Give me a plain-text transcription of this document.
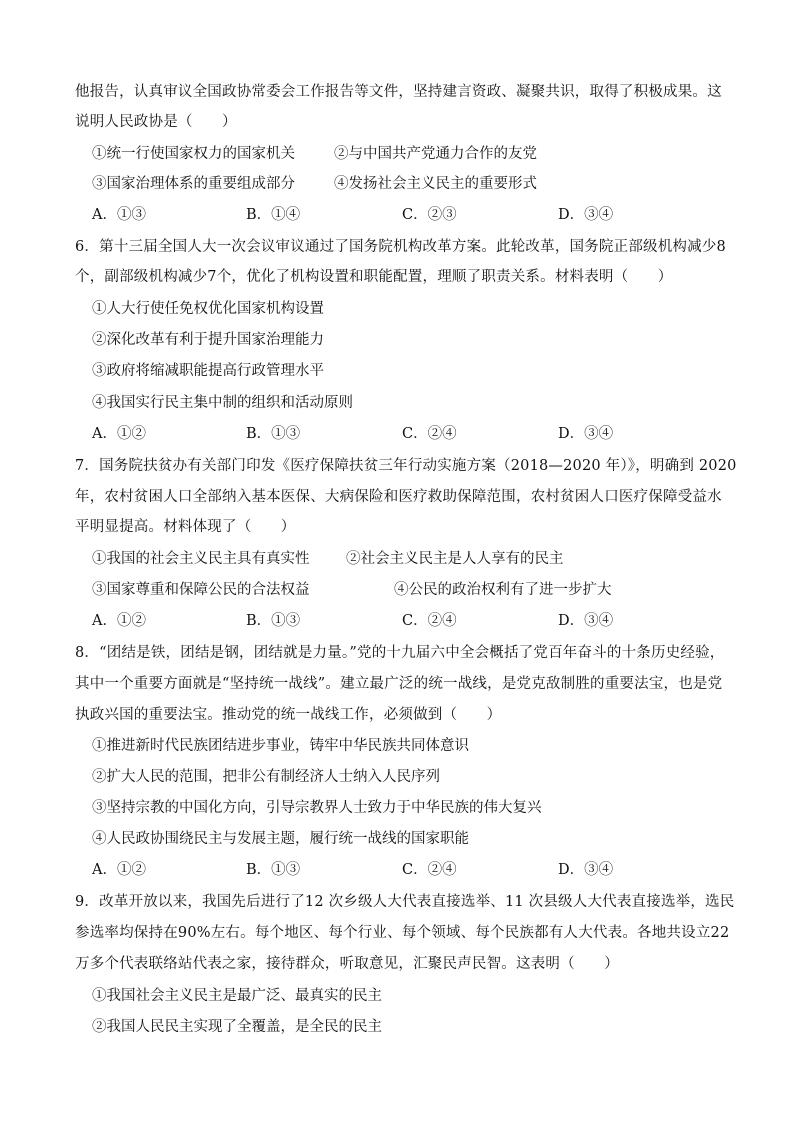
他报告，认真审议全国政协常委会工作报告等文件，坚持建言资政、凝聚共识，取得了积极成果。这
说明人民政协是（　　）
①统一行使国家权力的国家机关	②与中国共产党通力合作的友党
③国家治理体系的重要组成部分	④发扬社会主义民主的重要形式
A．①③	B．①④	C．②③	D．③④
6．第十三届全国人大一次会议审议通过了国务院机构改革方案。此轮改革，国务院正部级机构减少8
个，副部级机构减少7个，优化了机构设置和职能配置，理顺了职责关系。材料表明（　　）
①人大行使任免权优化国家机构设置
②深化改革有利于提升国家治理能力
③政府将缩减职能提高行政管理水平
④我国实行民主集中制的组织和活动原则
A．①②	B．①③	C．②④	D．③④
7．国务院扶贫办有关部门印发《医疗保障扶贫三年行动实施方案（2018—2020 年）》，明确到 2020
年，农村贫困人口全部纳入基本医保、大病保险和医疗救助保障范围，农村贫困人口医疗保障受益水
平明显提高。材料体现了（　　）
①我国的社会主义民主具有真实性	②社会主义民主是人人享有的民主
③国家尊重和保障公民的合法权益	④公民的政治权利有了进一步扩大
A．①②	B．①③	C．②④	D．③④
8．“团结是铁，团结是钢，团结就是力量。”党的十九届六中全会概括了党百年奋斗的十条历史经验，
其中一个重要方面就是“坚持统一战线”。建立最广泛的统一战线，是党克敌制胜的重要法宝，也是党
执政兴国的重要法宝。推动党的统一战线工作，必须做到（　　）
①推进新时代民族团结进步事业，铸牢中华民族共同体意识
②扩大人民的范围，把非公有制经济人士纳入人民序列
③坚持宗教的中国化方向，引导宗教界人士致力于中华民族的伟大复兴
④人民政协围绕民主与发展主题，履行统一战线的国家职能
A．①②	B．①③	C．②④	D．③④
9．改革开放以来，我国先后进行了12 次乡级人大代表直接选举、11 次县级人大代表直接选举，选民
参选率均保持在90%左右。每个地区、每个行业、每个领域、每个民族都有人大代表。各地共设立22
万多个代表联络站代表之家，接待群众，听取意见，汇聚民声民智。这表明（　　）
①我国社会主义民主是最广泛、最真实的民主
②我国人民民主实现了全覆盖，是全民的民主
